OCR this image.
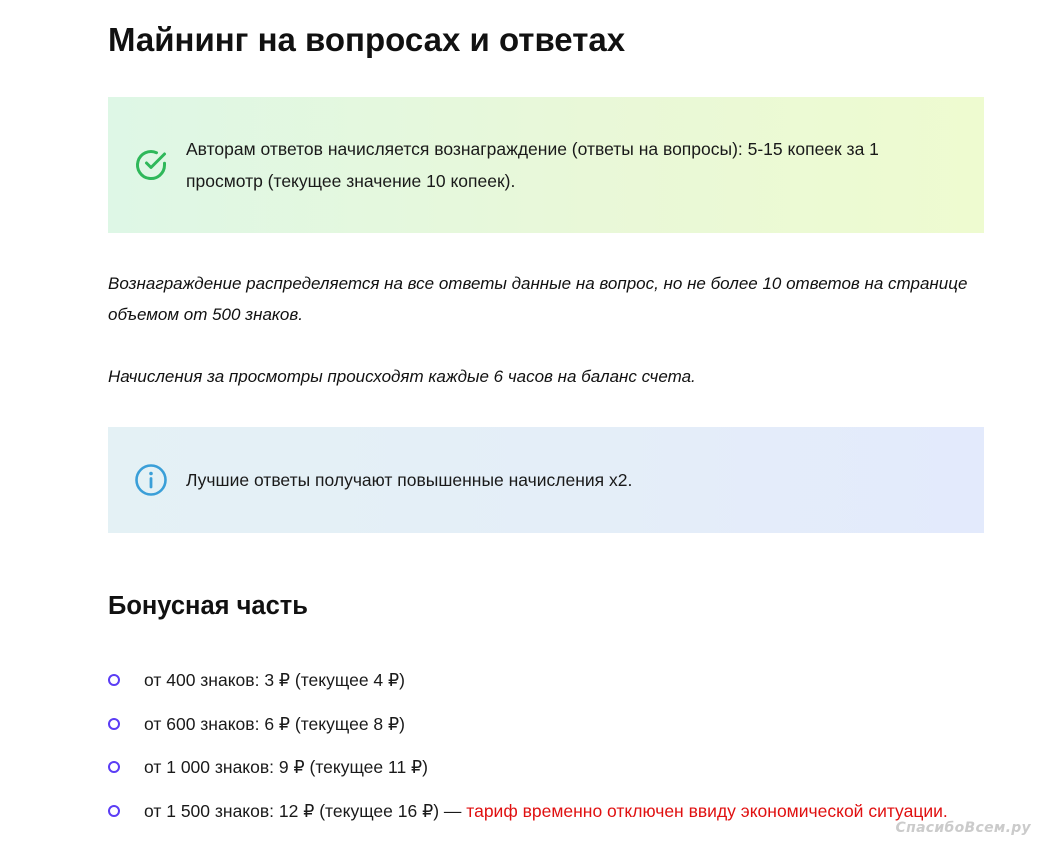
Майнинг на вопросах и ответах
Авторам ответов начисляется вознаграждение (ответы на вопросы): 5-15 копеек за 1 просмотр (текущее значение 10 копеек).

Вознаграждение распределяется на все ответы данные на вопрос, но не более 10 ответов на странице объемом от 500 знаков.

Начисления за просмотры происходят каждые 6 часов на баланс счета.

Лучшие ответы получают повышенные начисления х2.
Бонусная часть
от 400 знаков: 3 ₽ (текущее 4 ₽)
от 600 знаков: 6 ₽ (текущее 8 ₽)
от 1 000 знаков: 9 ₽ (текущее 11 ₽)
от 1 500 знаков: 12 ₽ (текущее 16 ₽) — тариф временно отключен ввиду экономической ситуации.
СпасибоВсем.ру
